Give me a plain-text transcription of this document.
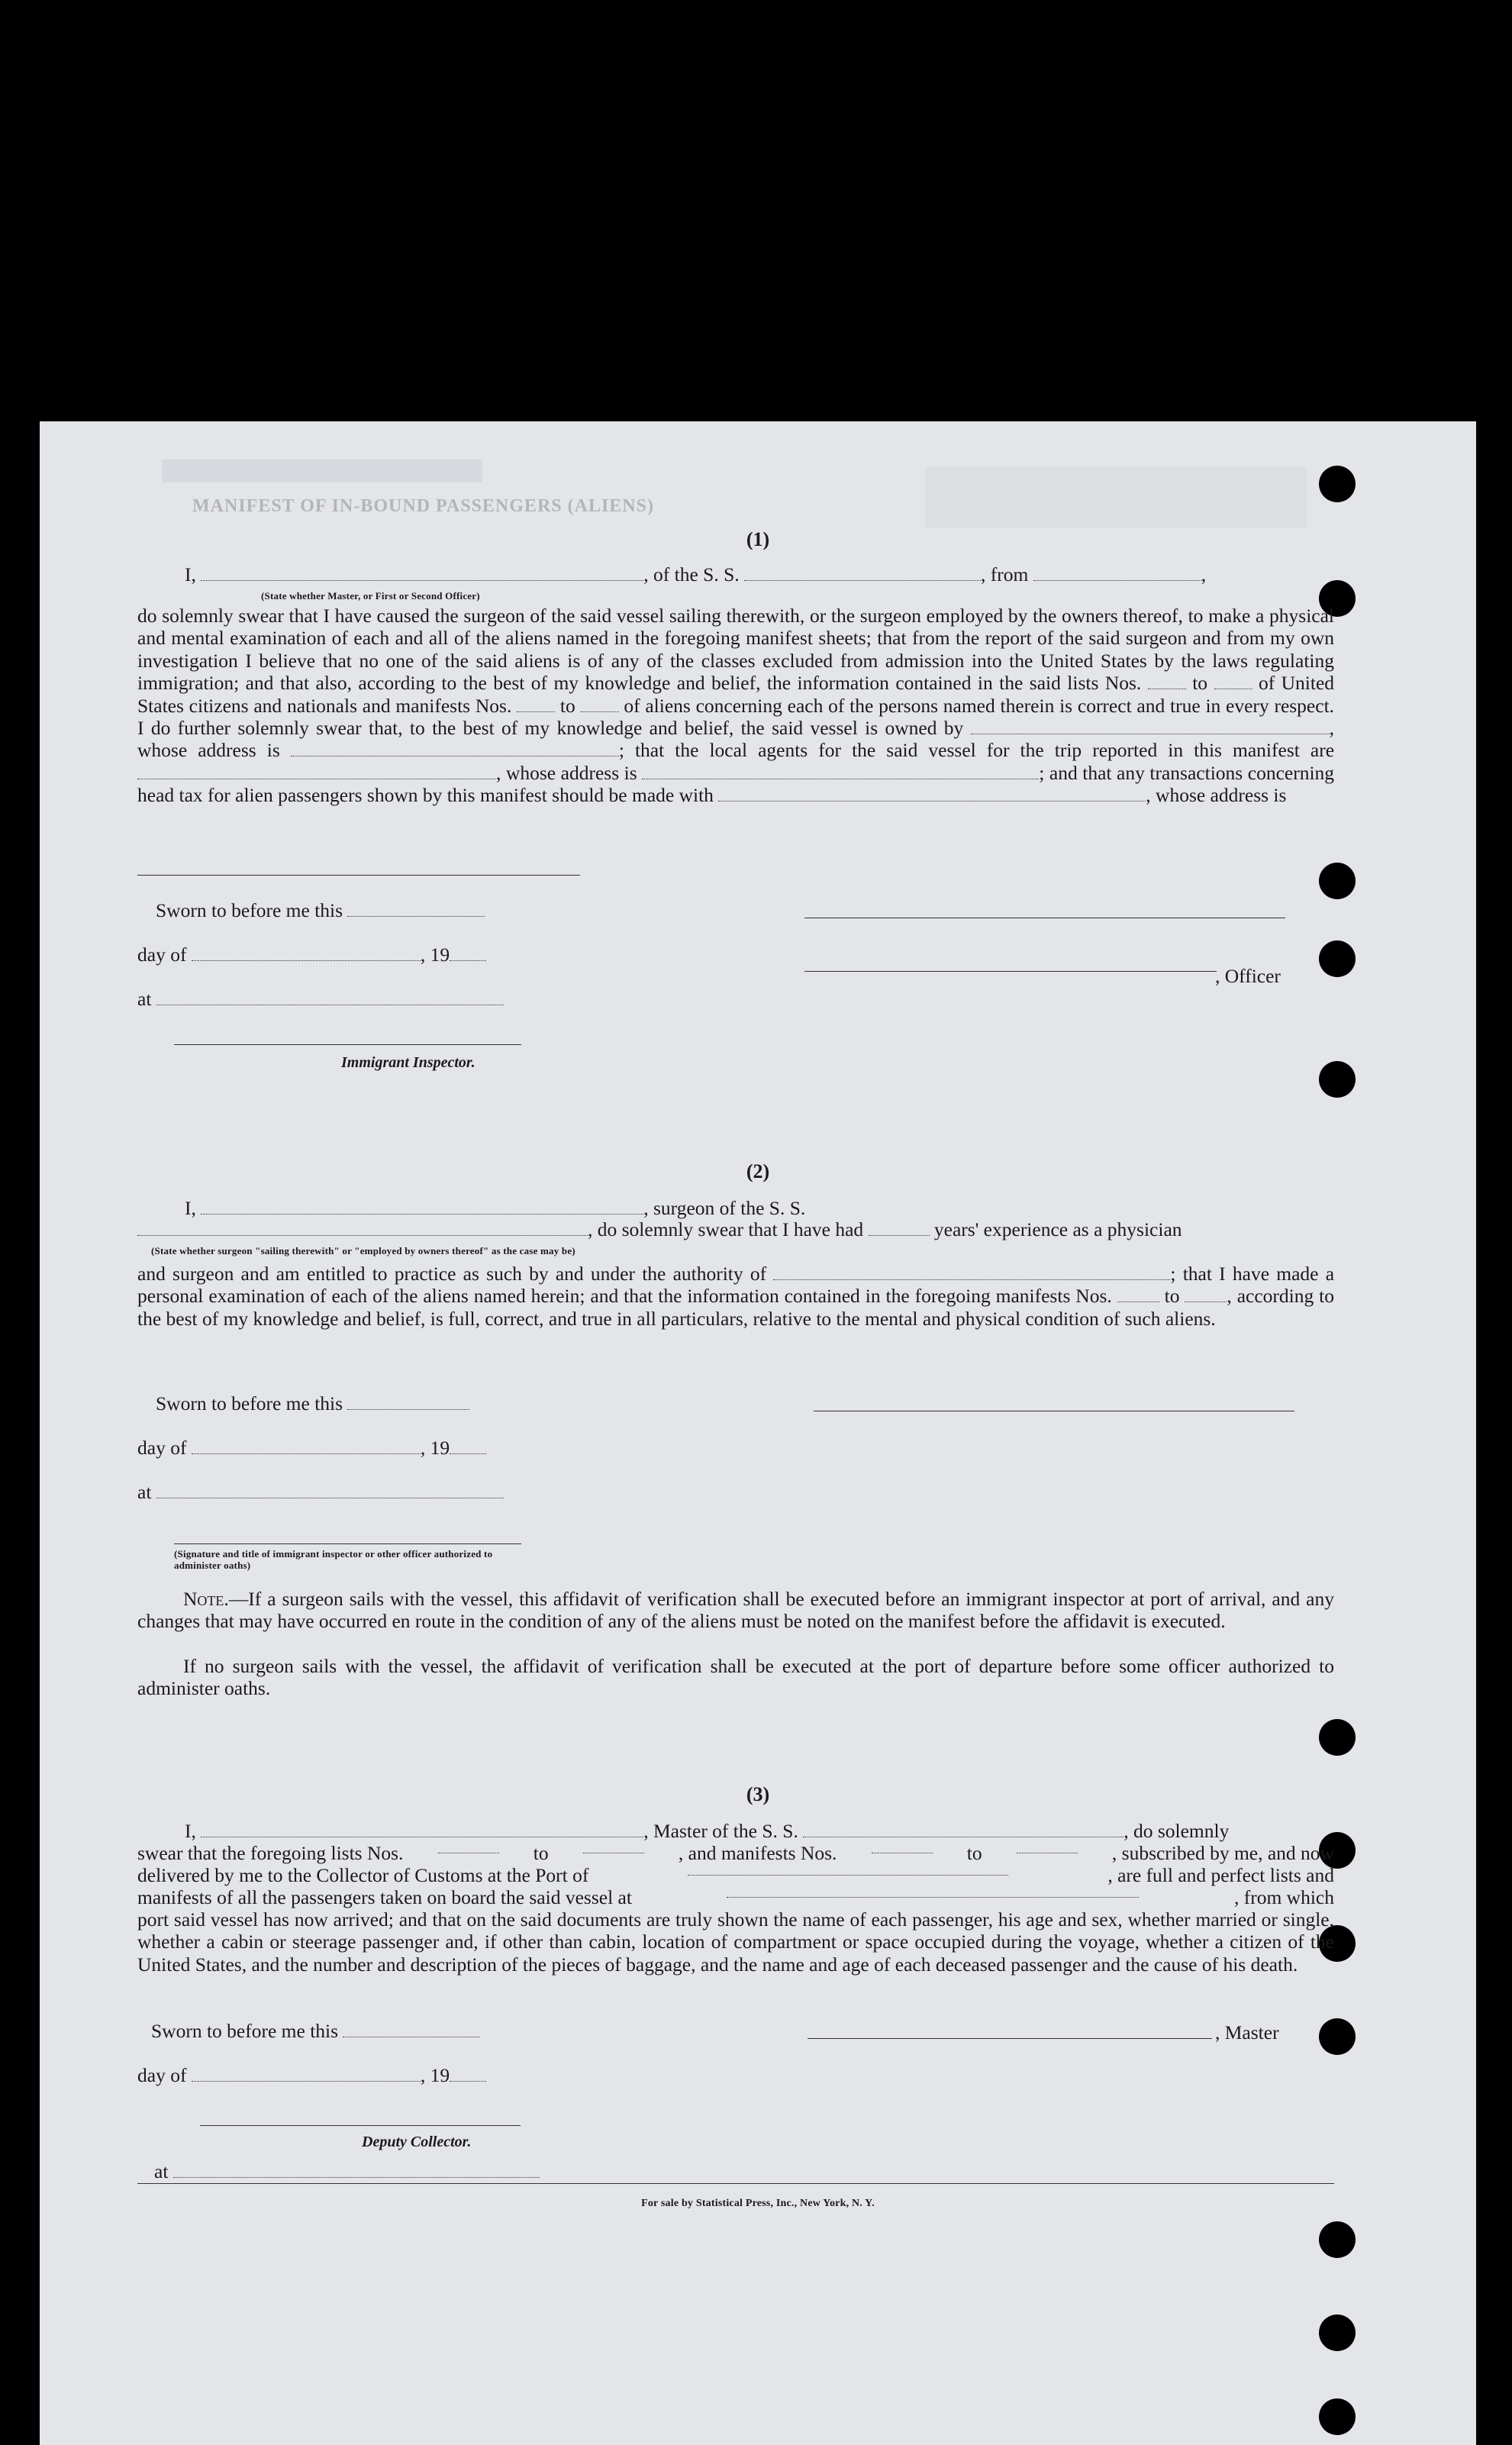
MANIFEST OF IN-BOUND PASSENGERS (ALIENS)
(1)
I,	, of the S. S.	, from	,
(State whether Master, or First or Second Officer)
do solemnly swear that I have caused the surgeon of the said vessel sailing therewith, or the surgeon employed by the owners thereof, to make a physical and mental examination of each and all of the aliens named in the foregoing manifest sheets; that from the report of the said surgeon and from my own investigation I believe that no one of the said aliens is of any of the classes excluded from admission into the United States by the laws regulating immigration; and that also, according to the best of my knowledge and belief, the information contained in the said lists Nos.	to	of United States citizens and nationals and manifests Nos. to of aliens concerning each of the persons named therein is correct and true in every respect. I do further solemnly swear that, to the best of my knowledge and belief, the said vessel is owned by	, whose address is	; that the local agents for the said vessel for the trip reported in this manifest are , whose address is	; and that any transactions concerning head tax for alien passengers shown by this manifest should be made with	, whose address is
Sworn to before me this
day of	, 19
, Officer
at
Immigrant Inspector.
(2)
I,	, surgeon of the S. S.
, do solemnly swear that I have had	years' experience as a physician
(State whether surgeon "sailing therewith" or "employed by owners thereof" as the case may be)
and surgeon and am entitled to practice as such by and under the authority of	; that I have made a personal examination of each of the aliens named herein; and that the information contained in the foregoing manifests Nos.	to , according to the best of my knowledge and belief, is full, correct, and true in all particulars, relative to the mental and physical condition of such aliens.
Sworn to before me this
day of	, 19
at
(Signature and title of immigrant inspector or other officer authorized to administer oaths)
Note.—If a surgeon sails with the vessel, this affidavit of verification shall be executed before an immigrant inspector at port of arrival, and any changes that may have occurred en route in the condition of any of the aliens must be noted on the manifest before the affidavit is executed.
If no surgeon sails with the vessel, the affidavit of verification shall be executed at the port of departure before some officer authorized to administer oaths.
(3)
I,	, Master of the S. S.	, do solemnly
swear that the foregoing lists Nos.	to	, and manifests Nos.	to	, subscribed by me, and now
delivered by me to the Collector of Customs at the Port of	, are full and perfect lists and
manifests of all the passengers taken on board the said vessel at	, from which
port said vessel has now arrived; and that on the said documents are truly shown the name of each passenger, his age and sex, whether married or single, whether a cabin or steerage passenger and, if other than cabin, location of compartment or space occupied during the voyage, whether a citizen of the United States, and the number and description of the pieces of baggage, and the name and age of each deceased passenger and the cause of his death.
Sworn to before me this	, Master
day of	, 19
Deputy Collector.
at
For sale by Statistical Press, Inc., New York, N. Y.
